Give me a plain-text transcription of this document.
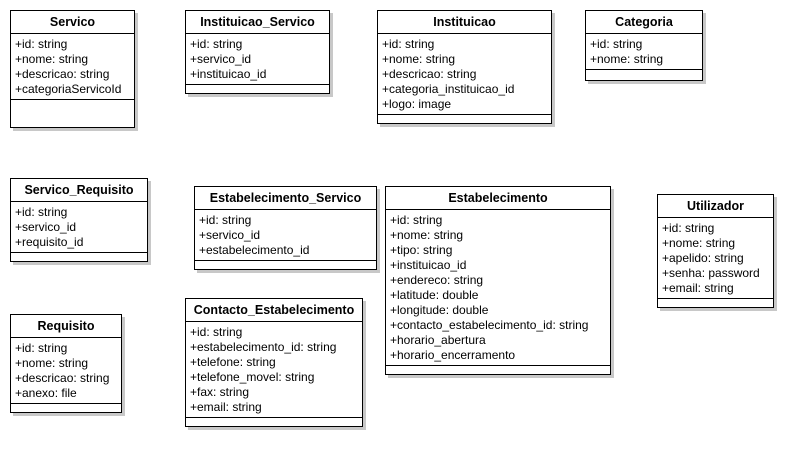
Servico
+id: string
+nome: string
+descricao: string
+categoriaServicoId
Instituicao_Servico
+id: string
+servico_id
+instituicao_id
Instituicao
+id: string
+nome: string
+descricao: string
+categoria_instituicao_id
+logo: image
Categoria
+id: string
+nome: string
Servico_Requisito
+id: string
+servico_id
+requisito_id
Estabelecimento_Servico
+id: string
+servico_id
+estabelecimento_id
Estabelecimento
+id: string
+nome: string
+tipo: string
+instituicao_id
+endereco: string
+latitude: double
+longitude: double
+contacto_estabelecimento_id: string
+horario_abertura
+horario_encerramento
Utilizador
+id: string
+nome: string
+apelido: string
+senha: password
+email: string
Requisito
+id: string
+nome: string
+descricao: string
+anexo: file
Contacto_Estabelecimento
+id: string
+estabelecimento_id: string
+telefone: string
+telefone_movel: string
+fax: string
+email: string
